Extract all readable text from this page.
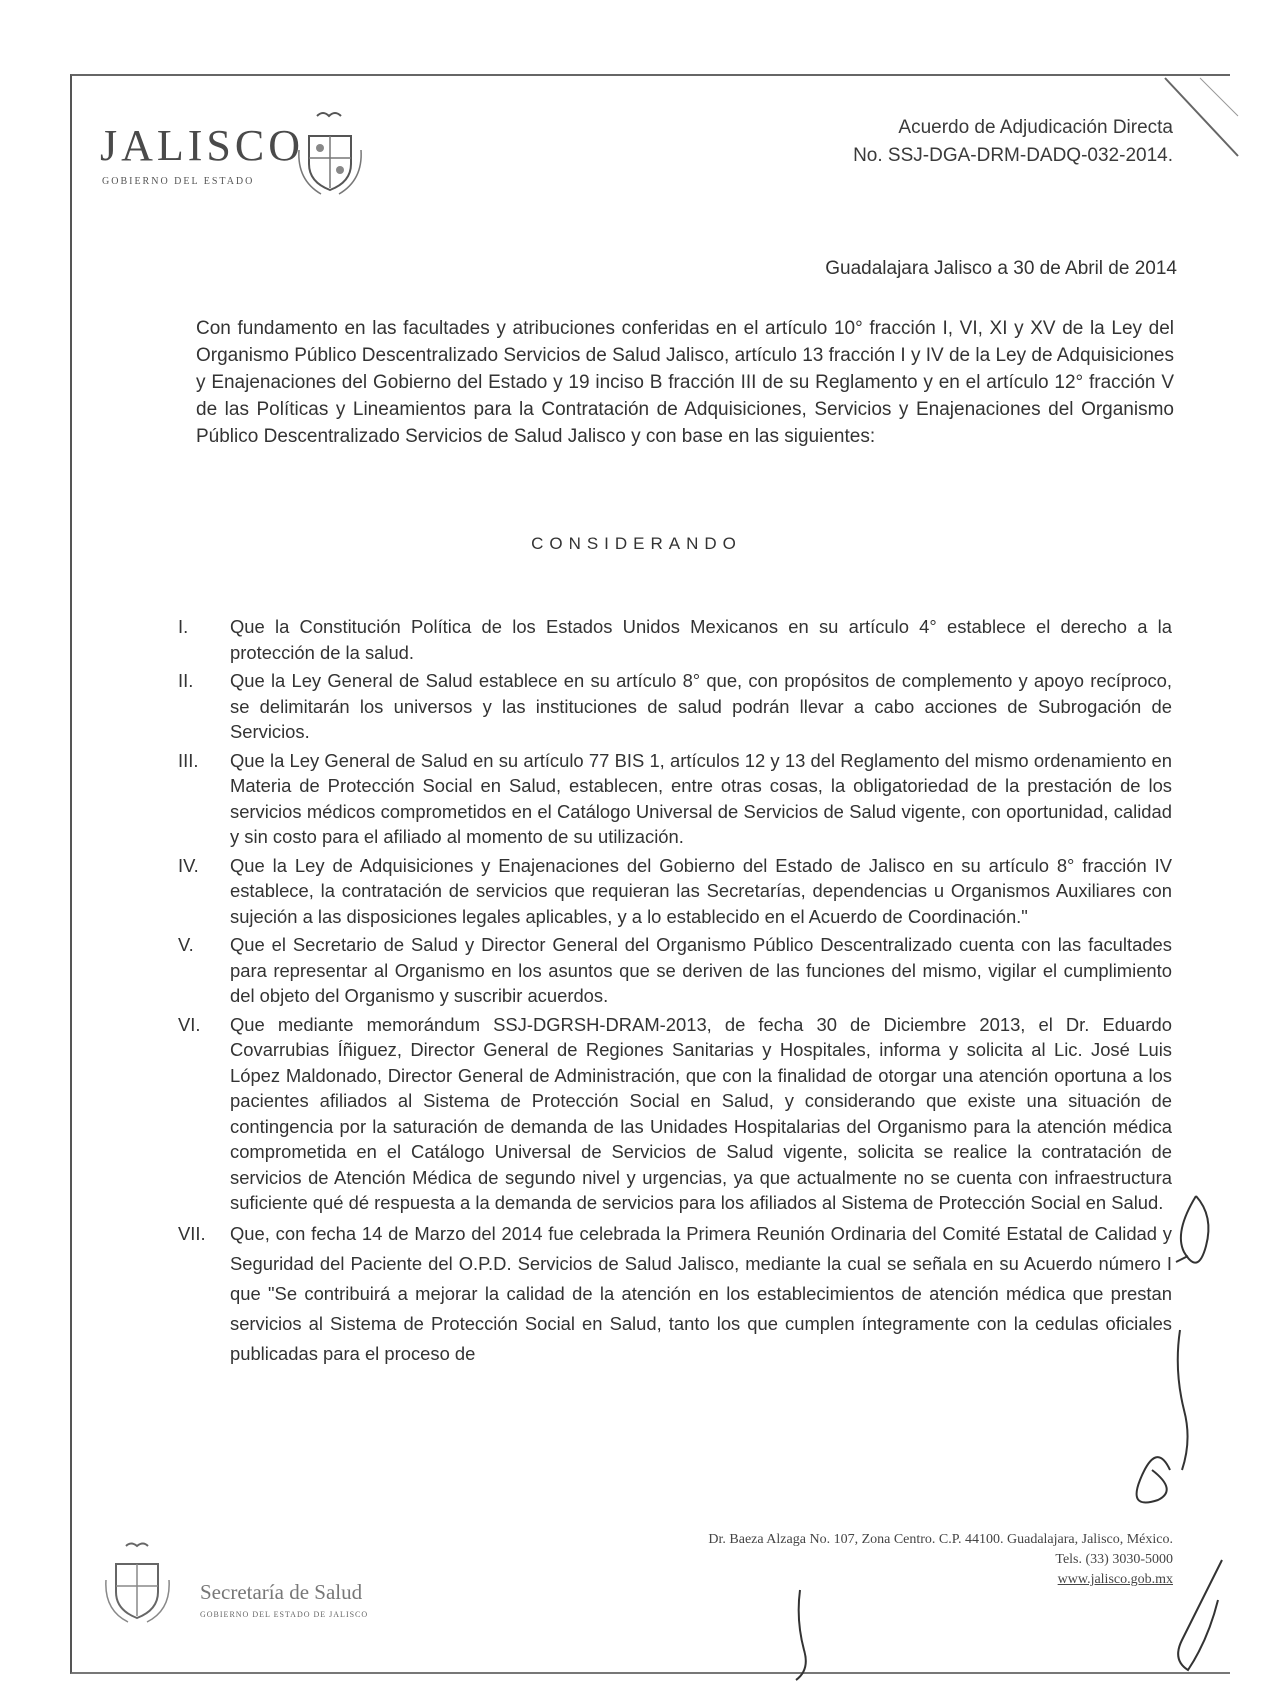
JALISCO
GOBIERNO DEL ESTADO
Acuerdo de Adjudicación Directa
No. SSJ-DGA-DRM-DADQ-032-2014.
Guadalajara Jalisco a 30 de Abril de 2014
Con fundamento en las facultades y atribuciones conferidas en el artículo 10° fracción I, VI, XI y XV de la Ley del Organismo Público Descentralizado Servicios de Salud Jalisco, artículo 13 fracción I y IV de la Ley de Adquisiciones y Enajenaciones del Gobierno del Estado y 19 inciso B fracción III de su Reglamento y en el artículo 12° fracción V de las Políticas y Lineamientos para la Contratación de Adquisiciones, Servicios y Enajenaciones del Organismo Público Descentralizado Servicios de Salud Jalisco y con base en las siguientes:
CONSIDERANDO
I.	Que la Constitución Política de los Estados Unidos Mexicanos en su artículo 4° establece el derecho a la protección de la salud.
II.	Que la Ley General de Salud establece en su artículo 8° que, con propósitos de complemento y apoyo recíproco, se delimitarán los universos y las instituciones de salud podrán llevar a cabo acciones de Subrogación de Servicios.
III.	Que la Ley General de Salud en su artículo 77 BIS 1, artículos 12 y 13 del Reglamento del mismo ordenamiento en Materia de Protección Social en Salud, establecen, entre otras cosas, la obligatoriedad de la prestación de los servicios médicos comprometidos en el Catálogo Universal de Servicios de Salud vigente, con oportunidad, calidad y sin costo para el afiliado al momento de su utilización.
IV.	Que la Ley de Adquisiciones y Enajenaciones del Gobierno del Estado de Jalisco en su artículo 8° fracción IV establece, la contratación de servicios que requieran las Secretarías, dependencias u Organismos Auxiliares con sujeción a las disposiciones legales aplicables, y a lo establecido en el Acuerdo de Coordinación."
V.	Que el Secretario de Salud y Director General del Organismo Público Descentralizado cuenta con las facultades para representar al Organismo en los asuntos que se deriven de las funciones del mismo, vigilar el cumplimiento del objeto del Organismo y suscribir acuerdos.
VI.	Que mediante memorándum SSJ-DGRSH-DRAM-2013, de fecha 30 de Diciembre 2013, el Dr. Eduardo Covarrubias Íñiguez, Director General de Regiones Sanitarias y Hospitales, informa y solicita al Lic. José Luis López Maldonado, Director General de Administración, que con la finalidad de otorgar una atención oportuna a los pacientes afiliados al Sistema de Protección Social en Salud, y considerando que existe una situación de contingencia por la saturación de demanda de las Unidades Hospitalarias del Organismo para la atención médica comprometida en el Catálogo Universal de Servicios de Salud vigente, solicita se realice la contratación de servicios de Atención Médica de segundo nivel y urgencias, ya que actualmente no se cuenta con infraestructura suficiente qué dé respuesta a la demanda de servicios para los afiliados al Sistema de Protección Social en Salud.
VII.	Que, con fecha 14 de Marzo del 2014 fue celebrada la Primera Reunión Ordinaria del Comité Estatal de Calidad y Seguridad del Paciente del O.P.D. Servicios de Salud Jalisco, mediante la cual se señala en su Acuerdo número I que "Se contribuirá a mejorar la calidad de la atención en los establecimientos de atención médica que prestan servicios al Sistema de Protección Social en Salud, tanto los que cumplen íntegramente con la cedulas oficiales publicadas para el proceso de
Secretaría de Salud
GOBIERNO DEL ESTADO DE JALISCO
Dr. Baeza Alzaga No. 107, Zona Centro. C.P. 44100. Guadalajara, Jalisco, México.
Tels. (33) 3030-5000
www.jalisco.gob.mx
